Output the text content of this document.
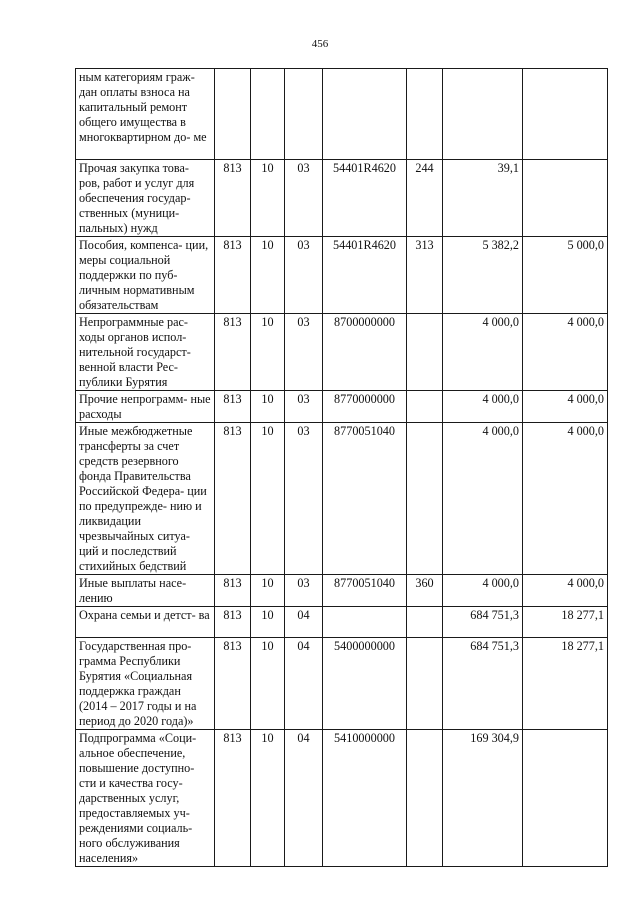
456
ным категориям граж- дан оплаты взноса на капитальный ремонт общего имущества в многоквартирном до- ме							
Прочая закупка това- ров, работ и услуг для обеспечения государ- ственных (муници- пальных) нужд	813	10	03	54401R4620	244	39,1	
Пособия, компенса- ции, меры социальной поддержки по пуб- личным нормативным обязательствам	813	10	03	54401R4620	313	5 382,2	5 000,0
Непрограммные рас- ходы органов испол- нительной государст- венной власти Рес- публики Бурятия	813	10	03	8700000000		4 000,0	4 000,0
Прочие непрограмм- ные расходы	813	10	03	8770000000		4 000,0	4 000,0
Иные межбюджетные трансферты за счет средств резервного фонда Правительства Российской Федера- ции по предупрежде- нию и ликвидации чрезвычайных ситуа- ций и последствий стихийных бедствий	813	10	03	8770051040		4 000,0	4 000,0
Иные выплаты насе- лению	813	10	03	8770051040	360	4 000,0	4 000,0
Охрана семьи и детст- ва	813	10	04			684 751,3	18 277,1
Государственная про- грамма Республики Бурятия «Социальная поддержка граждан (2014 – 2017 годы и на период до 2020 года)»	813	10	04	5400000000		684 751,3	18 277,1
Подпрограмма «Соци- альное обеспечение, повышение доступно- сти и качества госу- дарственных услуг, предоставляемых уч- реждениями социаль- ного обслуживания населения»	813	10	04	5410000000		169 304,9	
